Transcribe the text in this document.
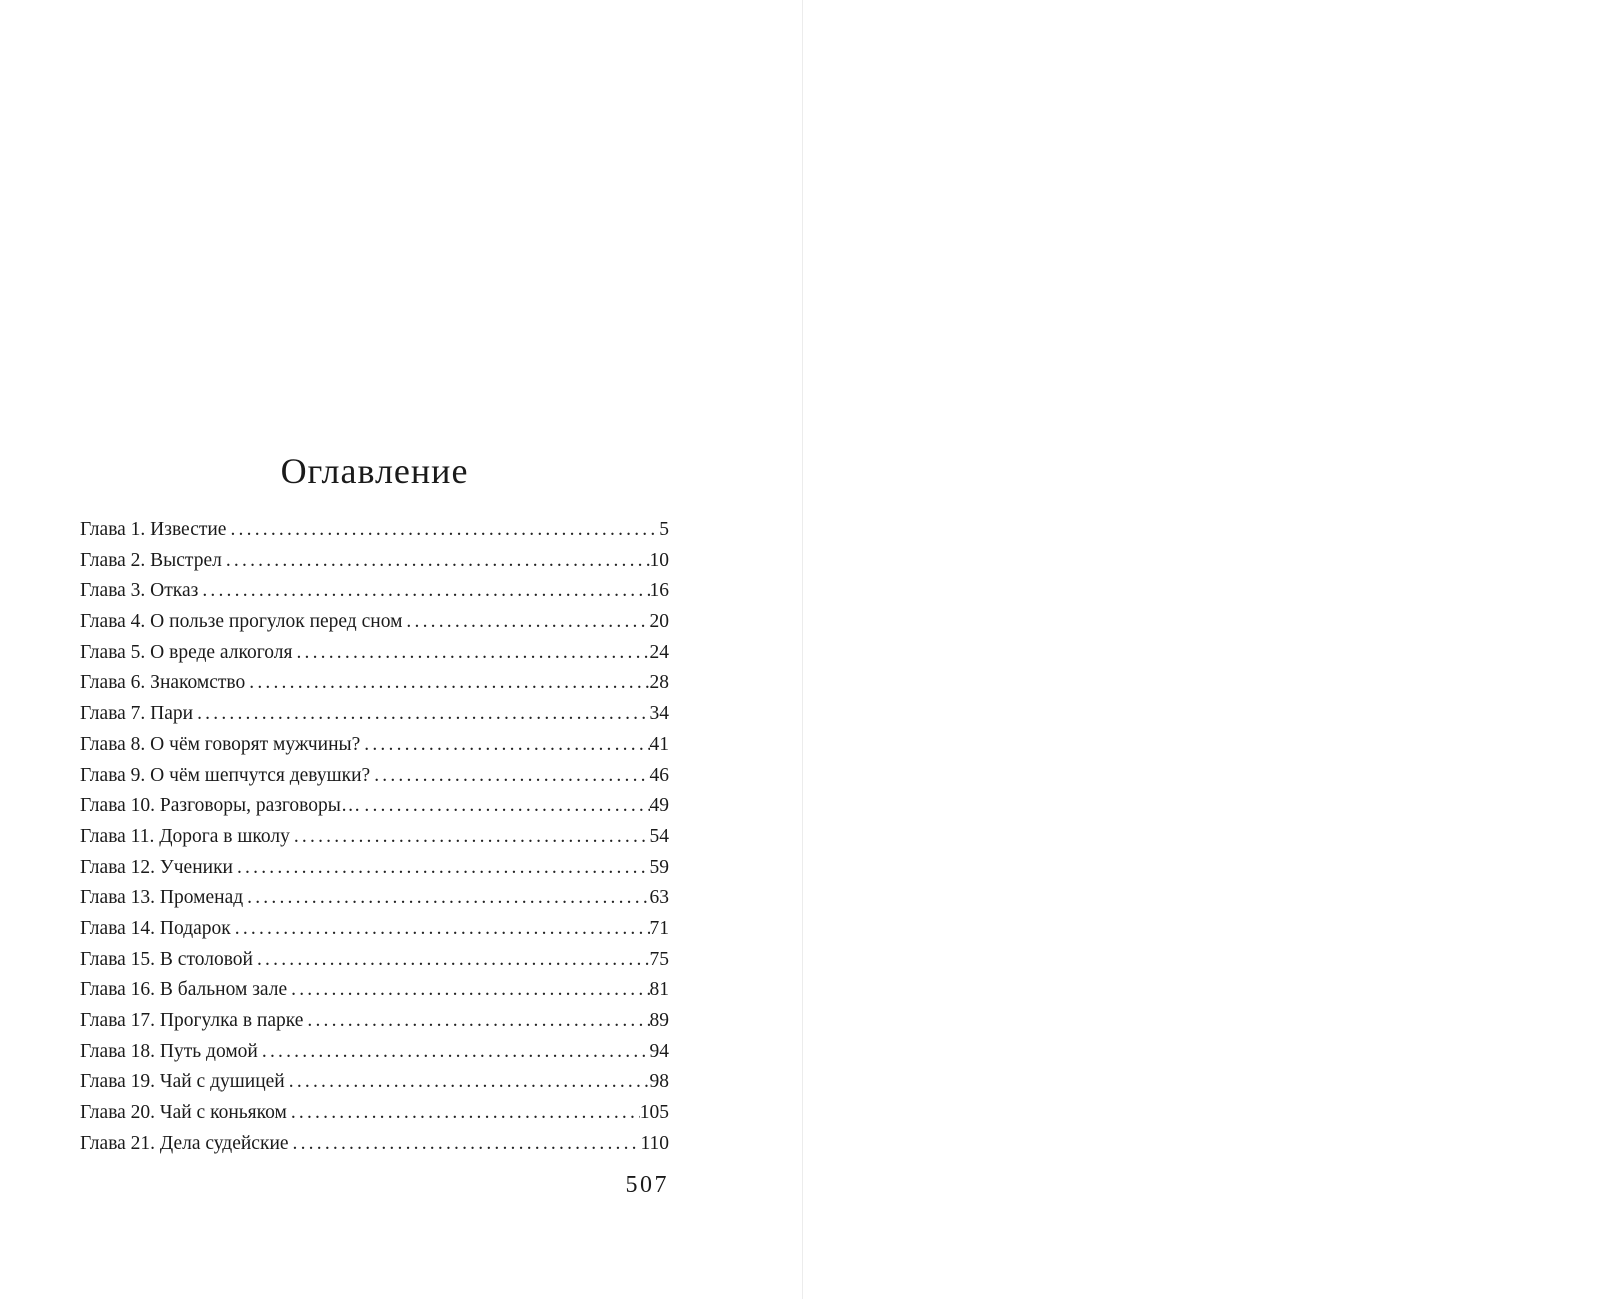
Оглавление
Глава 1. Известие .....	5
Глава 2. Выстрел .....	10
Глава 3. Отказ .....	16
Глава 4. О пользе прогулок перед сном .....	20
Глава 5. О вреде алкоголя .....	24
Глава 6. Знакомство .....	28
Глава 7. Пари .....	34
Глава 8. О чём говорят мужчины? .....	41
Глава 9. О чём шепчутся девушки? .....	46
Глава 10. Разговоры, разговоры… .....	49
Глава 11. Дорога в школу .....	54
Глава 12. Ученики .....	59
Глава 13. Променад .....	63
Глава 14. Подарок .....	71
Глава 15. В столовой .....	75
Глава 16. В бальном зале .....	81
Глава 17. Прогулка в парке .....	89
Глава 18. Путь домой .....	94
Глава 19. Чай с душицей .....	98
Глава 20. Чай с коньяком .....	105
Глава 21. Дела судейские .....	110
507
